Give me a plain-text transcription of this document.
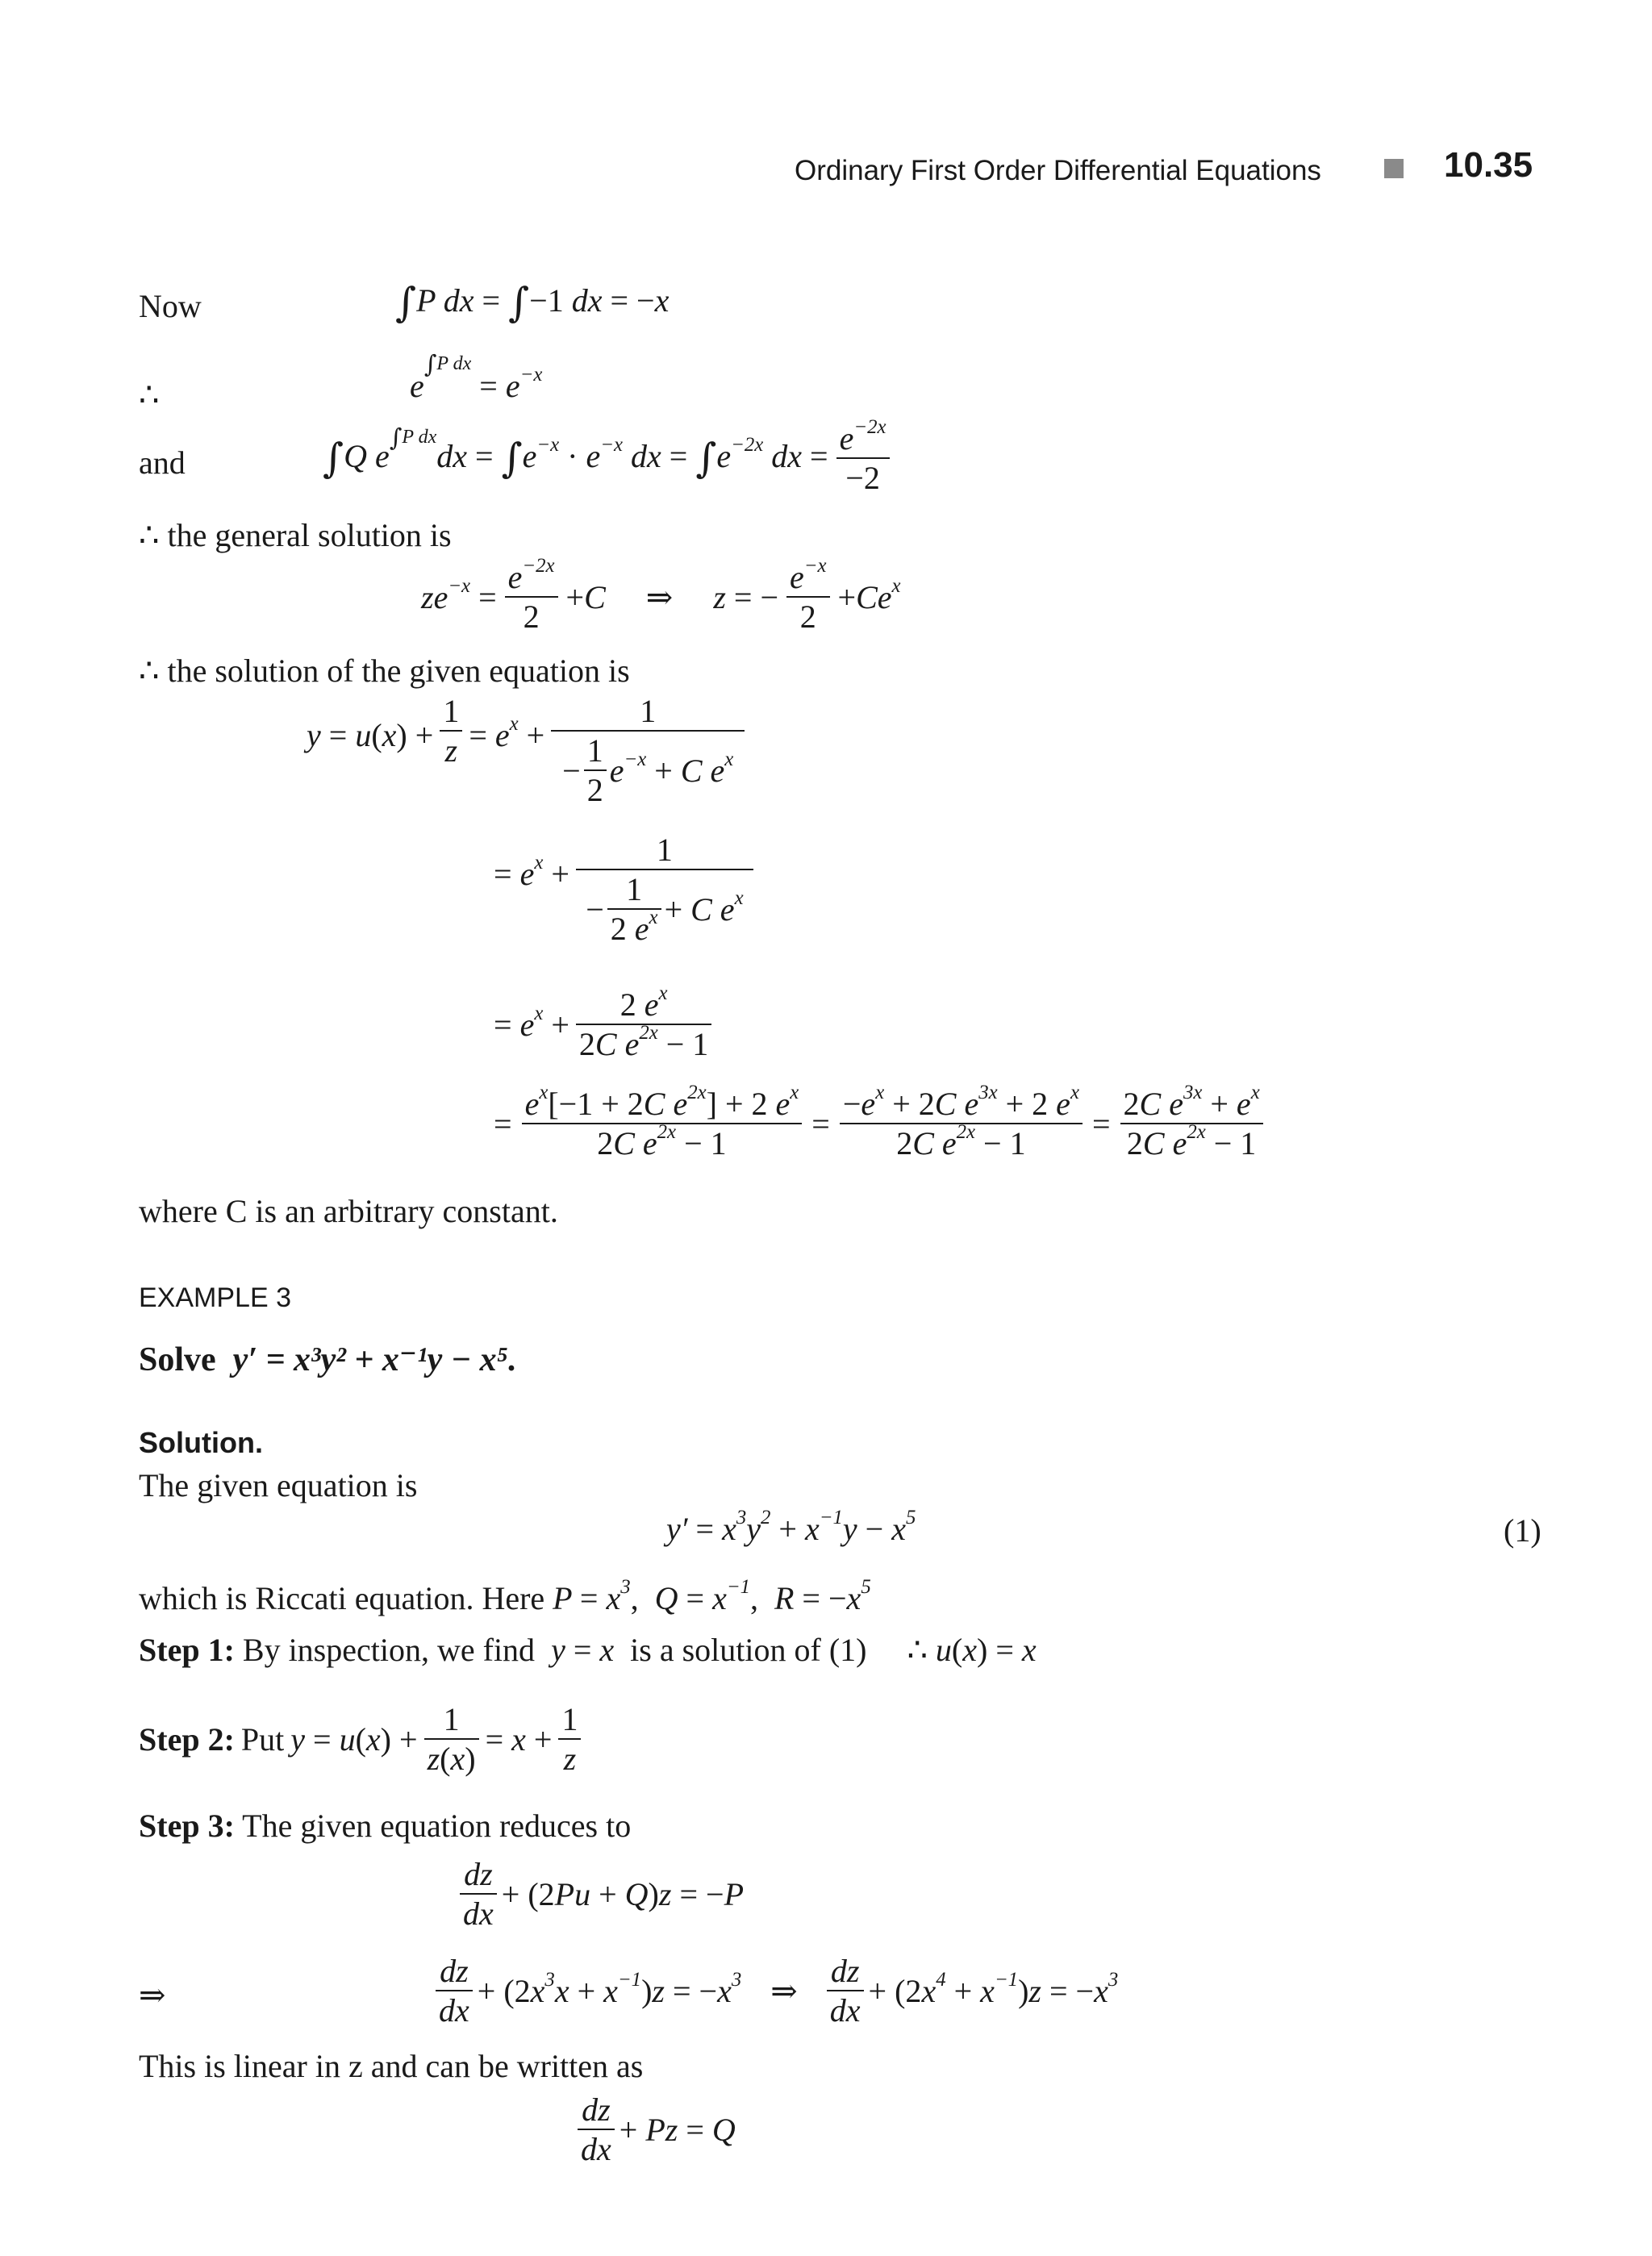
Ordinary First Order Differential Equations	10.35
Now	∫P dx = ∫−1 dx = −x
∴	$e^{\int P dx} = e^{-x}$
and	∫Q $e^{\int P dx}dx = \int e^{-x} \cdot e^{-x}$ dx = $\int e^{-2x}$ dx = $\frac{e^{-2x}}{-2}$
∴ the general solution is
$ze^{-x} = \frac{e^{-2x}}{2} +C$ ⇒ z = − $\frac{e^{-x}}{2} +Ce^x$
∴ the solution of the given equation is
$y = u(x) + \frac{1}{z} = e^x + \frac{1}{- \frac{1}{2} e^{-x} + C e^x}$
= $e^x + \frac{1}{- \frac{1}{2 e^x} + C e^x}$
= $e^x + \frac{2 e^x}{2C e^{2x} - 1}$
= $\frac{e^x[-1 + 2C e^{2x}] + 2 e^x}{2C e^{2x} - 1} = \frac{-e^x + 2C e^{3x} + 2 e^x}{2C e^{2x} - 1} = \frac{2C e^{3x} + e^x}{2C e^{2x} - 1}$
where C is an arbitrary constant.
EXAMPLE 3
Solve y′ = x³y² + x⁻¹y − x⁵.
Solution.
The given equation is
$y' = x^3y^2 + x^{-1}y - x^5$	(1)
which is Riccati equation. Here $P = x^3$,  $Q = x^{-1}$,  $R = -x^5$
Step 1: By inspection, we find  y = x  is a solution of (1) ∴ u(x) = x
Step 2: Put $y = u(x) + \frac{1}{z(x)} = x + \frac{1}{z}$
Step 3: The given equation reduces to
$\frac{dz}{dx} + (2Pu + Q)z = -P$
⇒	$\frac{dz}{dx} + (2x^3x + x^{-1})z = -x^3$ ⇒ $\frac{dz}{dx} + (2x^4 + x^{-1})z = -x^3$
This is linear in z and can be written as
$\frac{dz}{dx} + Pz = Q$
